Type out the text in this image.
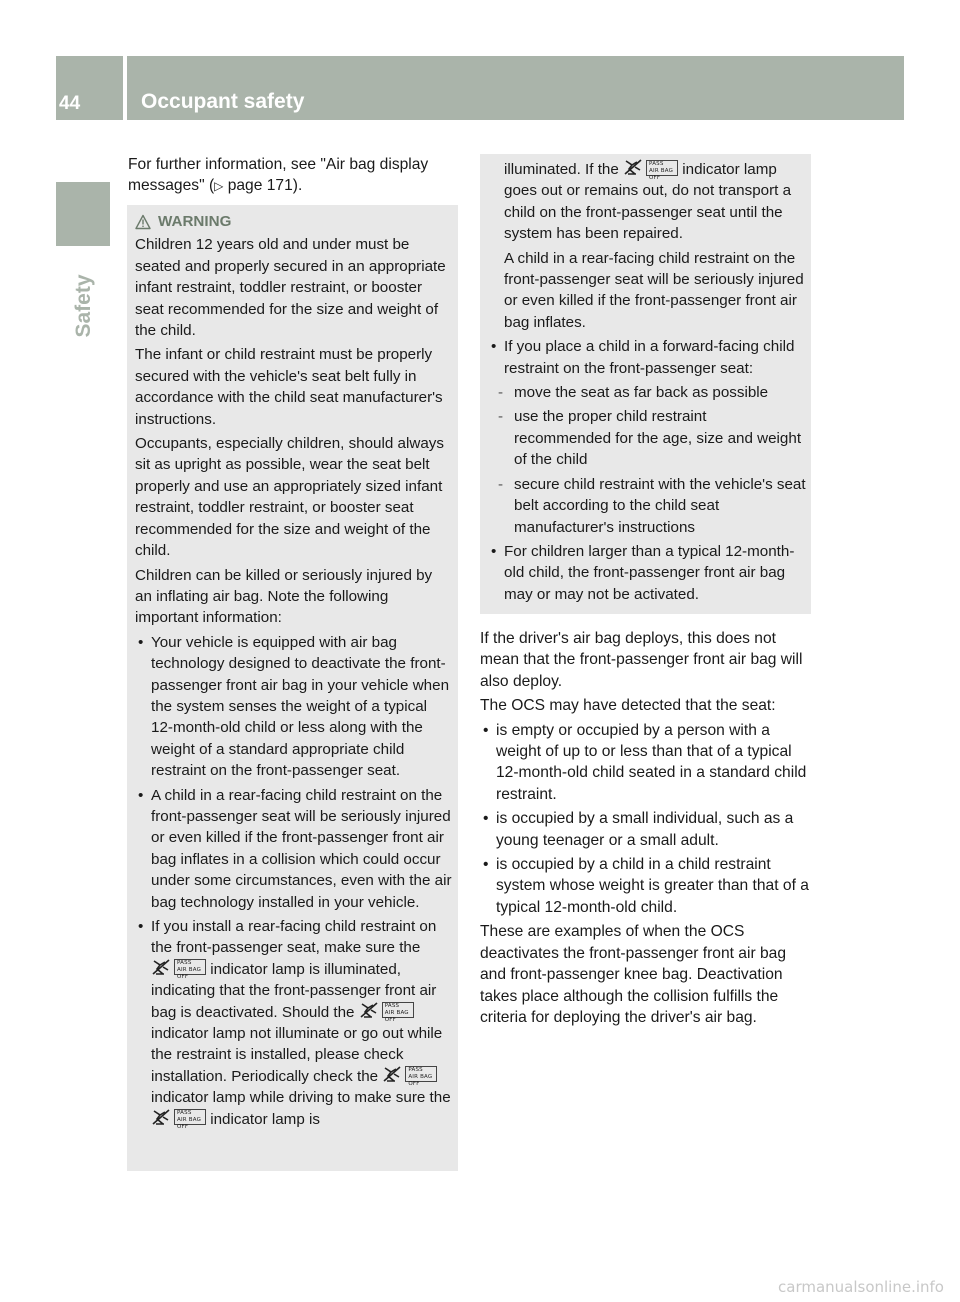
44	Occupant safety
Safety

For further information, see "Air bag display messages" (▷ page 171).

WARNING

Children 12 years old and under must be seated and properly secured in an appropriate infant restraint, toddler restraint, or booster seat recommended for the size and weight of the child.

The infant or child restraint must be properly secured with the vehicle's seat belt fully in accordance with the child seat manufacturer's instructions.

Occupants, especially children, should always sit as upright as possible, wear the seat belt properly and use an appropriately sized infant restraint, toddler restraint, or booster seat recommended for the size and weight of the child.

Children can be killed or seriously injured by an inflating air bag. Note the following important information:

• Your vehicle is equipped with air bag technology designed to deactivate the front-passenger front air bag in your vehicle when the system senses the weight of a typical 12-month-old child or less along with the weight of a standard appropriate child restraint on the front-passenger seat.
• A child in a rear-facing child restraint on the front-passenger seat will be seriously injured or even killed if the front-passenger front air bag inflates in a collision which could occur under some circumstances, even with the air bag technology installed in your vehicle.
• If you install a rear-facing child restraint on the front-passenger seat, make sure the
PASS
AIR BAG OFF	indicator lamp is illuminated, indicating that the front-passenger front air bag is deactivated. Should the	PASS
AIR BAG OFF
indicator lamp not illuminate or go out while the restraint is installed, please check installation. Periodically check the	PASS
AIR BAG OFF
indicator lamp while driving to make sure the
PASS
AIR BAG OFF	indicator lamp is

illuminated. If the	PASS
AIR BAG OFF	indicator lamp goes out or remains out, do not transport a child on the front-passenger seat until the system has been repaired.

A child in a rear-facing child restraint on the front-passenger seat will be seriously injured or even killed if the front-passenger front air bag inflates.

• If you place a child in a forward-facing child restraint on the front-passenger seat:
- move the seat as far back as possible
- use the proper child restraint recommended for the age, size and weight of the child
- secure child restraint with the vehicle's seat belt according to the child seat manufacturer's instructions
• For children larger than a typical 12-month-old child, the front-passenger front air bag may or may not be activated.

If the driver's air bag deploys, this does not mean that the front-passenger front air bag will also deploy.

The OCS may have detected that the seat:

• is empty or occupied by a person with a weight of up to or less than that of a typical 12-month-old child seated in a standard child restraint.
• is occupied by a small individual, such as a young teenager or a small adult.
• is occupied by a child in a child restraint system whose weight is greater than that of a typical 12-month-old child.

These are examples of when the OCS deactivates the front-passenger front air bag and front-passenger knee bag. Deactivation takes place although the collision fulfills the criteria for deploying the driver's air bag.

carmanualsonline.info
